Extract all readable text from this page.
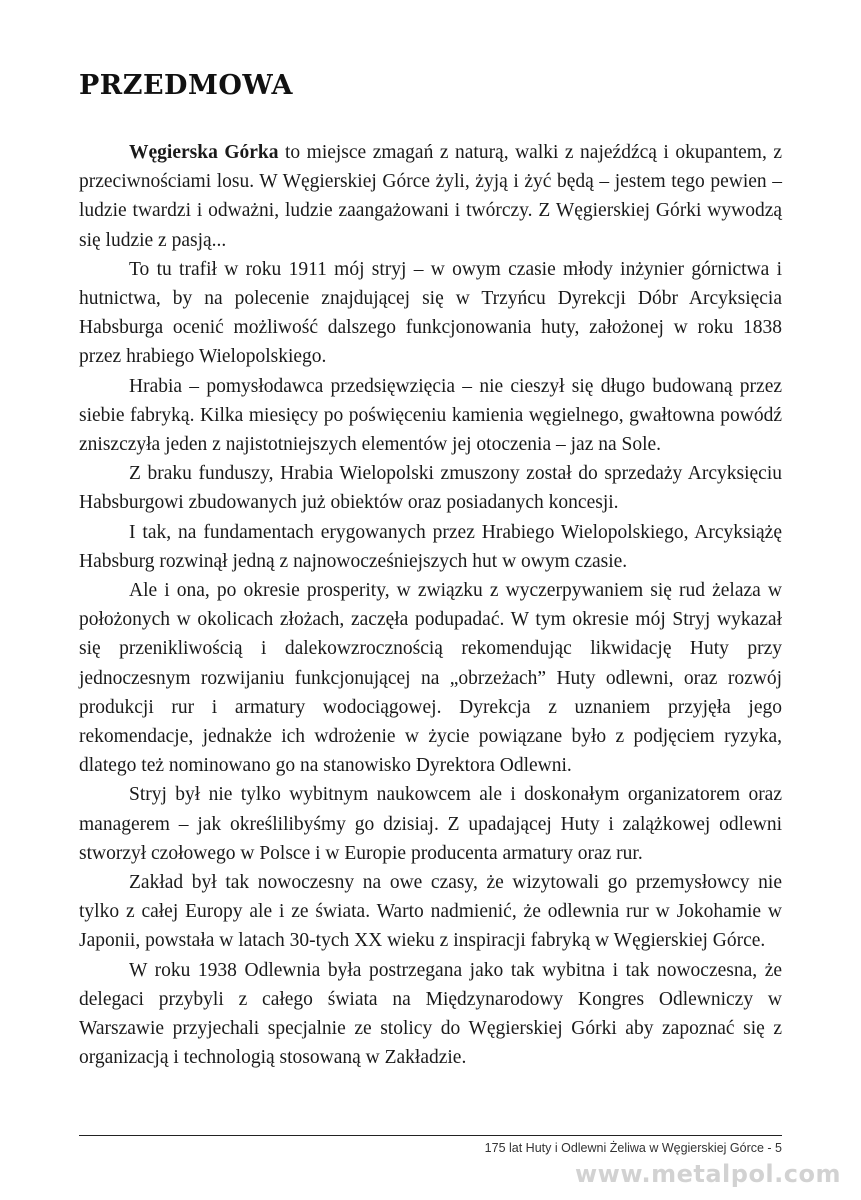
PRZEDMOWA

Węgierska Górka to miejsce zmagań z naturą, walki z najeźdźcą i okupantem, z przeciwnościami losu. W Węgierskiej Górce żyli, żyją i żyć będą – jestem tego pewien – ludzie twardzi i odważni, ludzie zaangażowani i twórczy. Z Węgierskiej Górki wywodzą się ludzie z pasją...

To tu trafił w roku 1911 mój stryj – w owym czasie młody inżynier górnictwa i hutnictwa, by na polecenie znajdującej się w Trzyńcu Dyrekcji Dóbr Arcyksięcia Habsburga ocenić możliwość dalszego funkcjonowania huty, założonej w roku 1838 przez hrabiego Wielopolskiego.

Hrabia – pomysłodawca przedsięwzięcia – nie cieszył się długo budowaną przez siebie fabryką. Kilka miesięcy po poświęceniu kamienia węgielnego, gwałtowna powódź zniszczyła jeden z najistotniejszych elementów jej otoczenia – jaz na Sole.

Z braku funduszy, Hrabia Wielopolski zmuszony został do sprzedaży Arcyksięciu Habsburgowi zbudowanych już obiektów oraz posiadanych koncesji.

I tak, na fundamentach erygowanych przez Hrabiego Wielopolskiego, Arcyksiążę Habsburg rozwinął jedną z najnowocześniejszych hut w owym czasie.

Ale i ona, po okresie prosperity, w związku z wyczerpywaniem się rud żelaza w położonych w okolicach złożach, zaczęła podupadać. W tym okresie mój Stryj wykazał się przenikliwością i dalekowzrocznością rekomendując likwidację Huty przy jednoczesnym rozwijaniu funkcjonującej na „obrzeżach” Huty odlewni, oraz rozwój produkcji rur i armatury wodociągowej. Dyrekcja z uznaniem przyjęła jego rekomendacje, jednakże ich wdrożenie w życie powiązane było z podjęciem ryzyka, dlatego też nominowano go na stanowisko Dyrektora Odlewni.

Stryj był nie tylko wybitnym naukowcem ale i doskonałym organizatorem oraz managerem – jak określilibyśmy go dzisiaj. Z upadającej Huty i zalążkowej odlewni stworzył czołowego w Polsce i w Europie producenta armatury oraz rur.

Zakład był tak nowoczesny na owe czasy, że wizytowali go przemysłowcy nie tylko z całej Europy ale i ze świata. Warto nadmienić, że odlewnia rur w Jokohamie w Japonii, powstała w latach 30-tych XX wieku z inspiracji fabryką w Węgierskiej Górce.

W roku 1938 Odlewnia była postrzegana jako tak wybitna i tak nowoczesna, że delegaci przybyli z całego świata na Międzynarodowy Kongres Odlewniczy w Warszawie przyjechali specjalnie ze stolicy do Węgierskiej Górki aby zapoznać się z organizacją i technologią stosowaną w Zakładzie.

175 lat Huty i Odlewni Żeliwa w Węgierskiej Górce - 5
www.metalpol.com
